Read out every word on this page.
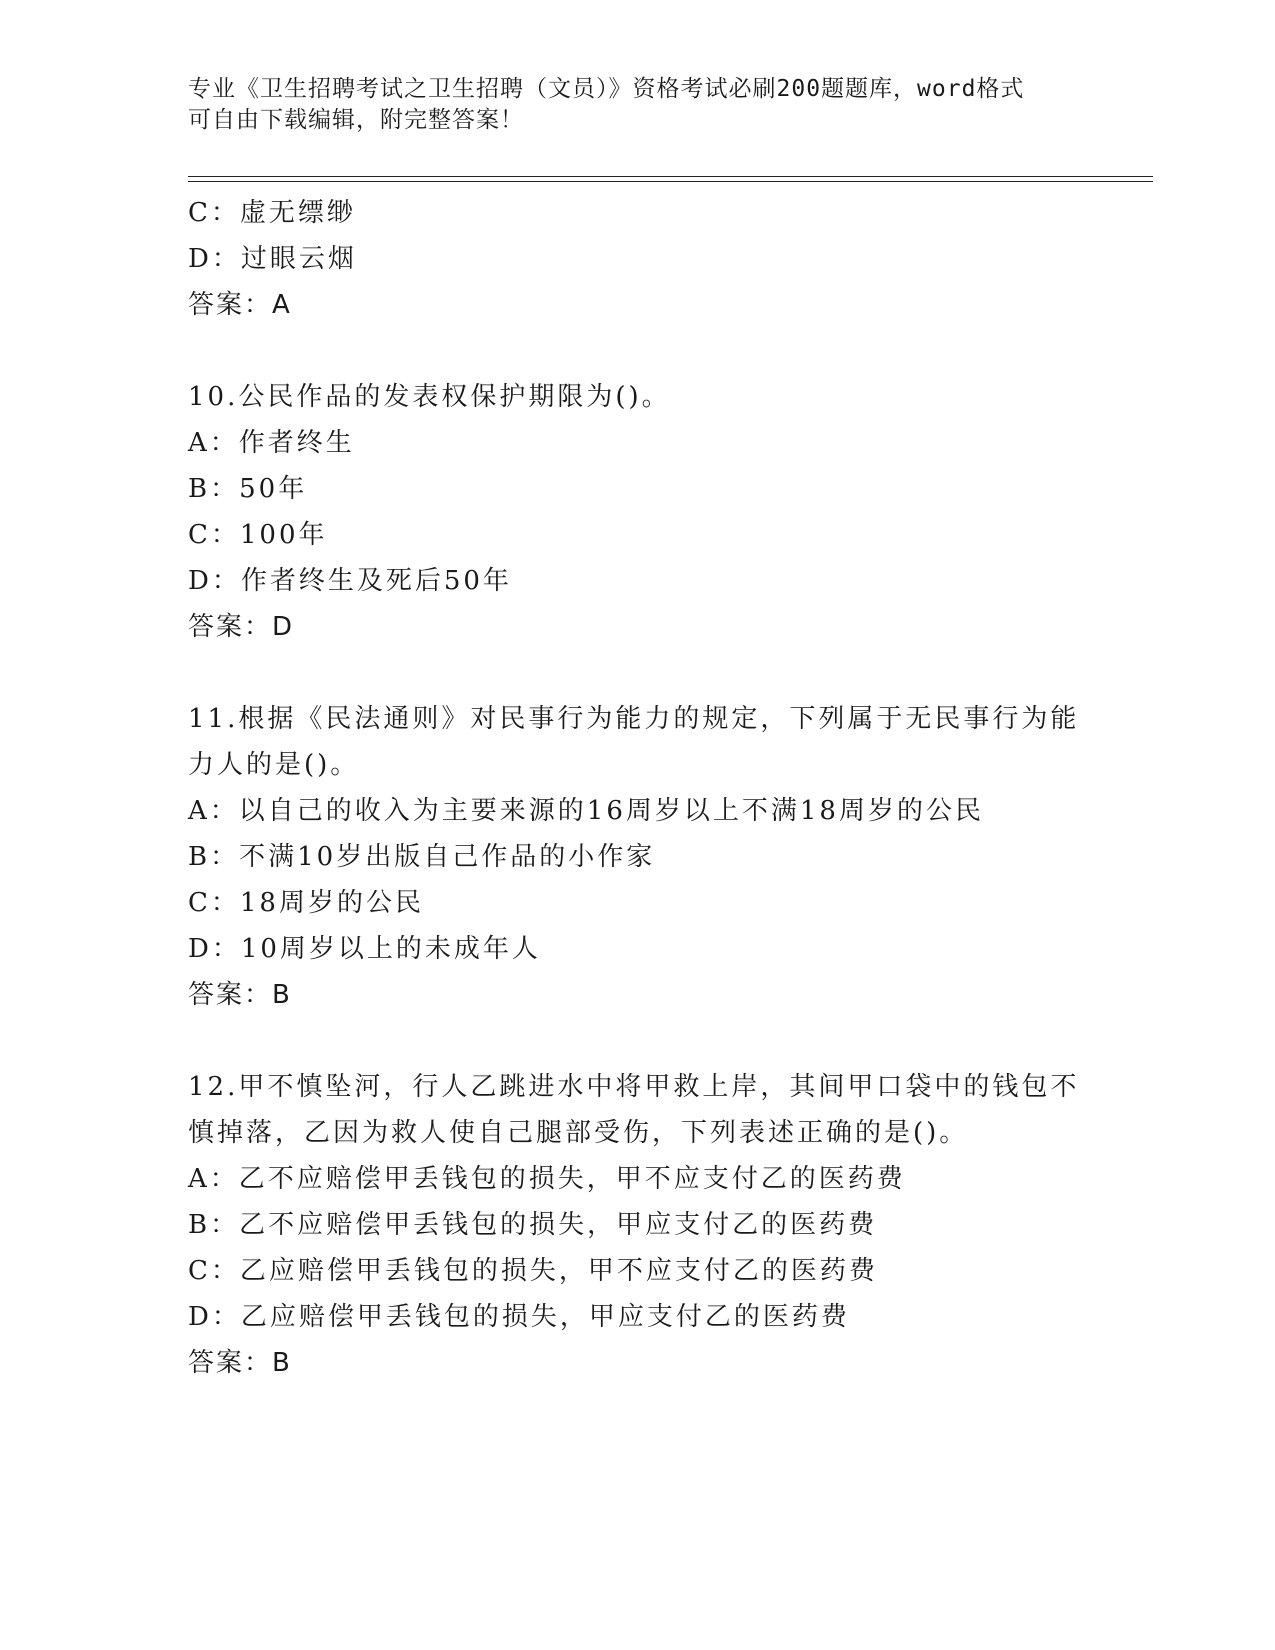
专业《卫生招聘考试之卫生招聘（文员）》资格考试必刷200题题库，word格式
可自由下载编辑，附完整答案！
C：虚无缥缈
D：过眼云烟
答案：A
10.公民作品的发表权保护期限为()。
A：作者终生
B：50年
C：100年
D：作者终生及死后50年
答案：D
11.根据《民法通则》对民事行为能力的规定，下列属于无民事行为能
力人的是()。
A：以自己的收入为主要来源的16周岁以上不满18周岁的公民
B：不满10岁出版自己作品的小作家
C：18周岁的公民
D：10周岁以上的未成年人
答案：B
12.甲不慎坠河，行人乙跳进水中将甲救上岸，其间甲口袋中的钱包不
慎掉落，乙因为救人使自己腿部受伤，下列表述正确的是()。
A：乙不应赔偿甲丢钱包的损失，甲不应支付乙的医药费
B：乙不应赔偿甲丢钱包的损失，甲应支付乙的医药费
C：乙应赔偿甲丢钱包的损失，甲不应支付乙的医药费
D：乙应赔偿甲丢钱包的损失，甲应支付乙的医药费
答案：B
